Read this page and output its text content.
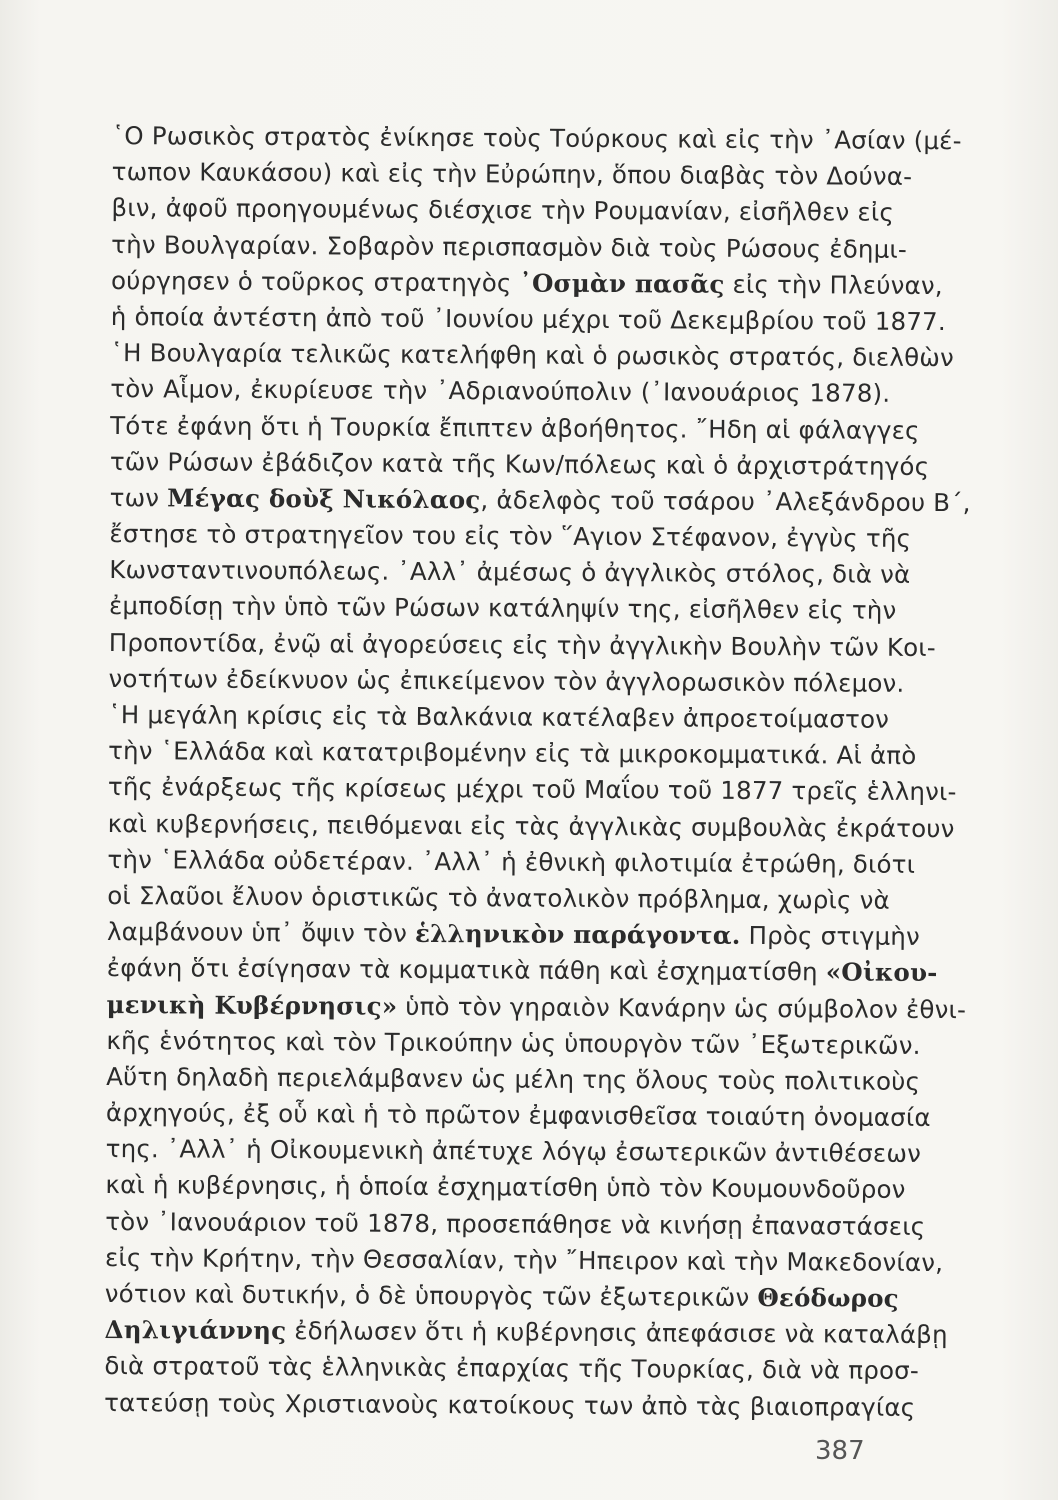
῾Ο Ρωσικὸς στρατὸς ἐνίκησε τοὺς Τούρκους καὶ εἰς τὴν ᾿Ασίαν (μέ-
τωπον Καυκάσου) καὶ εἰς τὴν Εὐρώπην, ὅπου διαβὰς τὸν Δούνα-
βιν, ἀφοῦ προηγουμένως διέσχισε τὴν Ρουμανίαν, εἰσῆλθεν εἰς
τὴν Βουλγαρίαν. Σοβαρὸν περισπασμὸν διὰ τοὺς Ρώσους ἐδημι-
ούργησεν ὁ τοῦρκος στρατηγὸς ᾿Οσμὰν πασᾶς εἰς τὴν Πλεύναν,
ἡ ὁποία ἀντέστη ἀπὸ τοῦ ᾿Ιουνίου μέχρι τοῦ Δεκεμβρίου τοῦ 1877.
῾Η Βουλγαρία τελικῶς κατελήφθη καὶ ὁ ρωσικὸς στρατός, διελθὼν
τὸν Αἷμον, ἐκυρίευσε τὴν ᾿Αδριανούπολιν (᾿Ιανουάριος 1878).
Τότε ἐφάνη ὅτι ἡ Τουρκία ἔπιπτεν ἀβοήθητος. ῎Ηδη αἱ φάλαγγες
τῶν Ρώσων ἐβάδιζον κατὰ τῆς Κων/πόλεως καὶ ὁ ἀρχιστράτηγός
των Μέγας δοὺξ Νικόλαος, ἀδελφὸς τοῦ τσάρου ᾿Αλεξάνδρου Β΄,
ἔστησε τὸ στρατηγεῖον του εἰς τὸν ῞Αγιον Στέφανον, ἐγγὺς τῆς
Κωνσταντινουπόλεως. ᾿Αλλ᾿ ἀμέσως ὁ ἀγγλικὸς στόλος, διὰ νὰ
ἐμποδίσῃ τὴν ὑπὸ τῶν Ρώσων κατάληψίν της, εἰσῆλθεν εἰς τὴν
Προποντίδα, ἐνῷ αἱ ἀγορεύσεις εἰς τὴν ἀγγλικὴν Βουλὴν τῶν Κοι-
νοτήτων ἐδείκνυον ὡς ἐπικείμενον τὸν ἀγγλορωσικὸν πόλεμον.
῾Η μεγάλη κρίσις εἰς τὰ Βαλκάνια κατέλαβεν ἀπροετοίμαστον
τὴν ῾Ελλάδα καὶ κατατριβομένην εἰς τὰ μικροκομματικά. Αἱ ἀπὸ
τῆς ἐνάρξεως τῆς κρίσεως μέχρι τοῦ Μαΐου τοῦ 1877 τρεῖς ἑλληνι-
καὶ κυβερνήσεις, πειθόμεναι εἰς τὰς ἀγγλικὰς συμβουλὰς ἐκράτουν
τὴν ῾Ελλάδα οὐδετέραν. ᾿Αλλ᾿ ἡ ἐθνικὴ φιλοτιμία ἐτρώθη, διότι
οἱ Σλαῦοι ἔλυον ὁριστικῶς τὸ ἀνατολικὸν πρόβλημα, χωρὶς νὰ
λαμβάνουν ὑπ᾿ ὄψιν τὸν ἑλληνικὸν παράγοντα. Πρὸς στιγμὴν
ἐφάνη ὅτι ἐσίγησαν τὰ κομματικὰ πάθη καὶ ἐσχηματίσθη «Οἰκου-
μενικὴ Κυβέρνησις» ὑπὸ τὸν γηραιὸν Κανάρην ὡς σύμβολον ἐθνι-
κῆς ἑνότητος καὶ τὸν Τρικούπην ὡς ὑπουργὸν τῶν ᾿Εξωτερικῶν.
Αὕτη δηλαδὴ περιελάμβανεν ὡς μέλη της ὅλους τοὺς πολιτικοὺς
ἀρχηγούς, ἐξ οὗ καὶ ἡ τὸ πρῶτον ἐμφανισθεῖσα τοιαύτη ὀνομασία
της. ᾿Αλλ᾿ ἡ Οἰκουμενικὴ ἀπέτυχε λόγῳ ἐσωτερικῶν ἀντιθέσεων
καὶ ἡ κυβέρνησις, ἡ ὁποία ἐσχηματίσθη ὑπὸ τὸν Κουμουνδοῦρον
τὸν ᾿Ιανουάριον τοῦ 1878, προσεπάθησε νὰ κινήσῃ ἐπαναστάσεις
εἰς τὴν Κρήτην, τὴν Θεσσαλίαν, τὴν ῎Ηπειρον καὶ τὴν Μακεδονίαν,
νότιον καὶ δυτικήν, ὁ δὲ ὑπουργὸς τῶν ἐξωτερικῶν Θεόδωρος
Δηλιγιάννης ἐδήλωσεν ὅτι ἡ κυβέρνησις ἀπεφάσισε νὰ καταλάβῃ
διὰ στρατοῦ τὰς ἑλληνικὰς ἐπαρχίας τῆς Τουρκίας, διὰ νὰ προσ-
τατεύσῃ τοὺς Χριστιανοὺς κατοίκους των ἀπὸ τὰς βιαιοπραγίας
387
